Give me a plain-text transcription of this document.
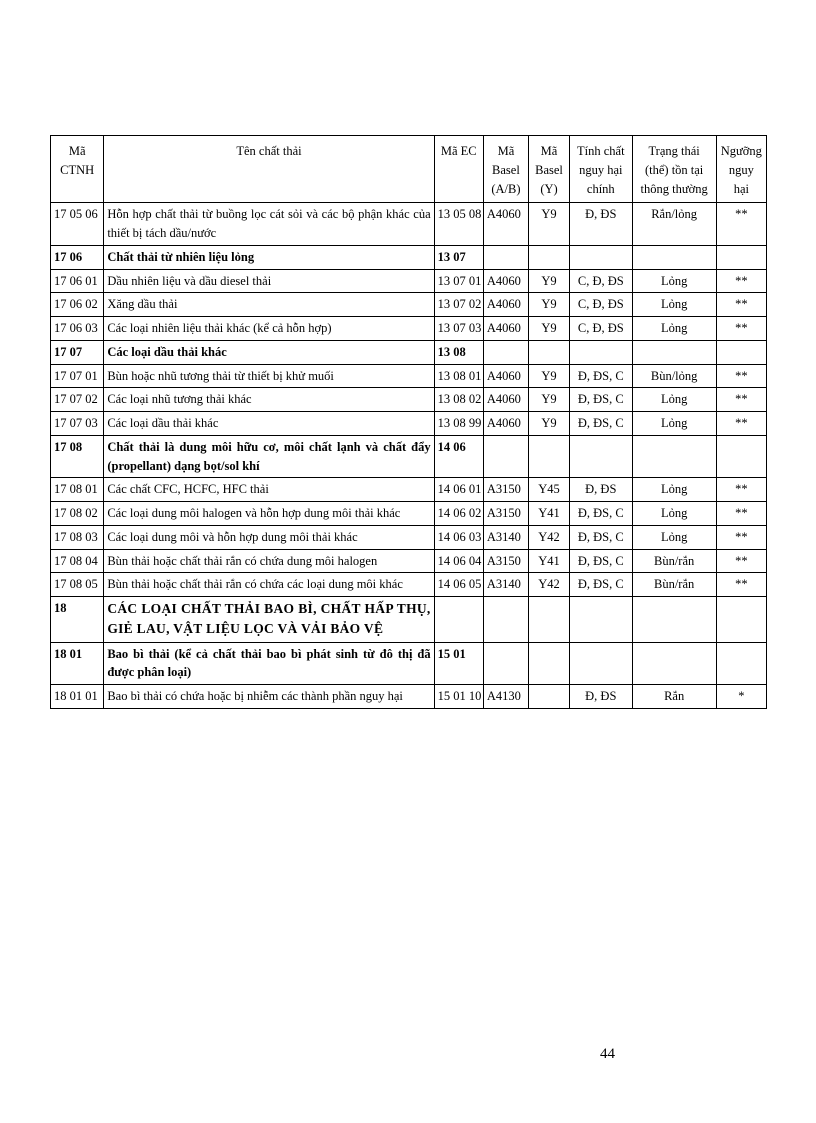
Mã CTNH	Tên chất thải	Mã EC	Mã Basel (A/B)	Mã Basel (Y)	Tính chất nguy hại chính	Trạng thái (thể) tồn tại thông thường	Ngưỡng nguy hại
17 05 06	Hỗn hợp chất thải từ buồng lọc cát sỏi và các bộ phận khác của thiết bị tách dầu/nước	13 05 08	A4060	Y9	Đ, ĐS	Rắn/lỏng	**
17 06	Chất thải từ nhiên liệu lỏng	13 07					
17 06 01	Dầu nhiên liệu và dầu diesel thải	13 07 01	A4060	Y9	C, Đ, ĐS	Lỏng	**
17 06 02	Xăng dầu thải	13 07 02	A4060	Y9	C, Đ, ĐS	Lỏng	**
17 06 03	Các loại nhiên liệu thải khác (kể cả hỗn hợp)	13 07 03	A4060	Y9	C, Đ, ĐS	Lỏng	**
17 07	Các loại dầu thải khác	13 08					
17 07 01	Bùn hoặc nhũ tương thải từ thiết bị khử muối	13 08 01	A4060	Y9	Đ, ĐS, C	Bùn/lỏng	**
17 07 02	Các loại nhũ tương thải khác	13 08 02	A4060	Y9	Đ, ĐS, C	Lỏng	**
17 07 03	Các loại dầu thải khác	13 08 99	A4060	Y9	Đ, ĐS, C	Lỏng	**
17 08	Chất thải là dung môi hữu cơ, môi chất lạnh và chất đẩy (propellant) dạng bọt/sol khí	14 06					
17 08 01	Các chất CFC, HCFC, HFC thải	14 06 01	A3150	Y45	Đ, ĐS	Lỏng	**
17 08 02	Các loại dung môi halogen và hỗn hợp dung môi thải khác	14 06 02	A3150	Y41	Đ, ĐS, C	Lỏng	**
17 08 03	Các loại dung môi và hỗn hợp dung môi thải khác	14 06 03	A3140	Y42	Đ, ĐS, C	Lỏng	**
17 08 04	Bùn thải hoặc chất thải rắn có chứa dung môi halogen	14 06 04	A3150	Y41	Đ, ĐS, C	Bùn/rắn	**
17 08 05	Bùn thải hoặc chất thải rắn có chứa các loại dung môi khác	14 06 05	A3140	Y42	Đ, ĐS, C	Bùn/rắn	**
18	CÁC LOẠI CHẤT THẢI BAO BÌ, CHẤT HẤP THỤ, GIẺ LAU, VẬT LIỆU LỌC VÀ VẢI BẢO VỆ						
18 01	Bao bì thải (kể cả chất thải bao bì phát sinh từ đô thị đã được phân loại)	15 01					
18 01 01	Bao bì thải có chứa hoặc bị nhiễm các thành phần nguy hại	15 01 10	A4130		Đ, ĐS	Rắn	*
44
